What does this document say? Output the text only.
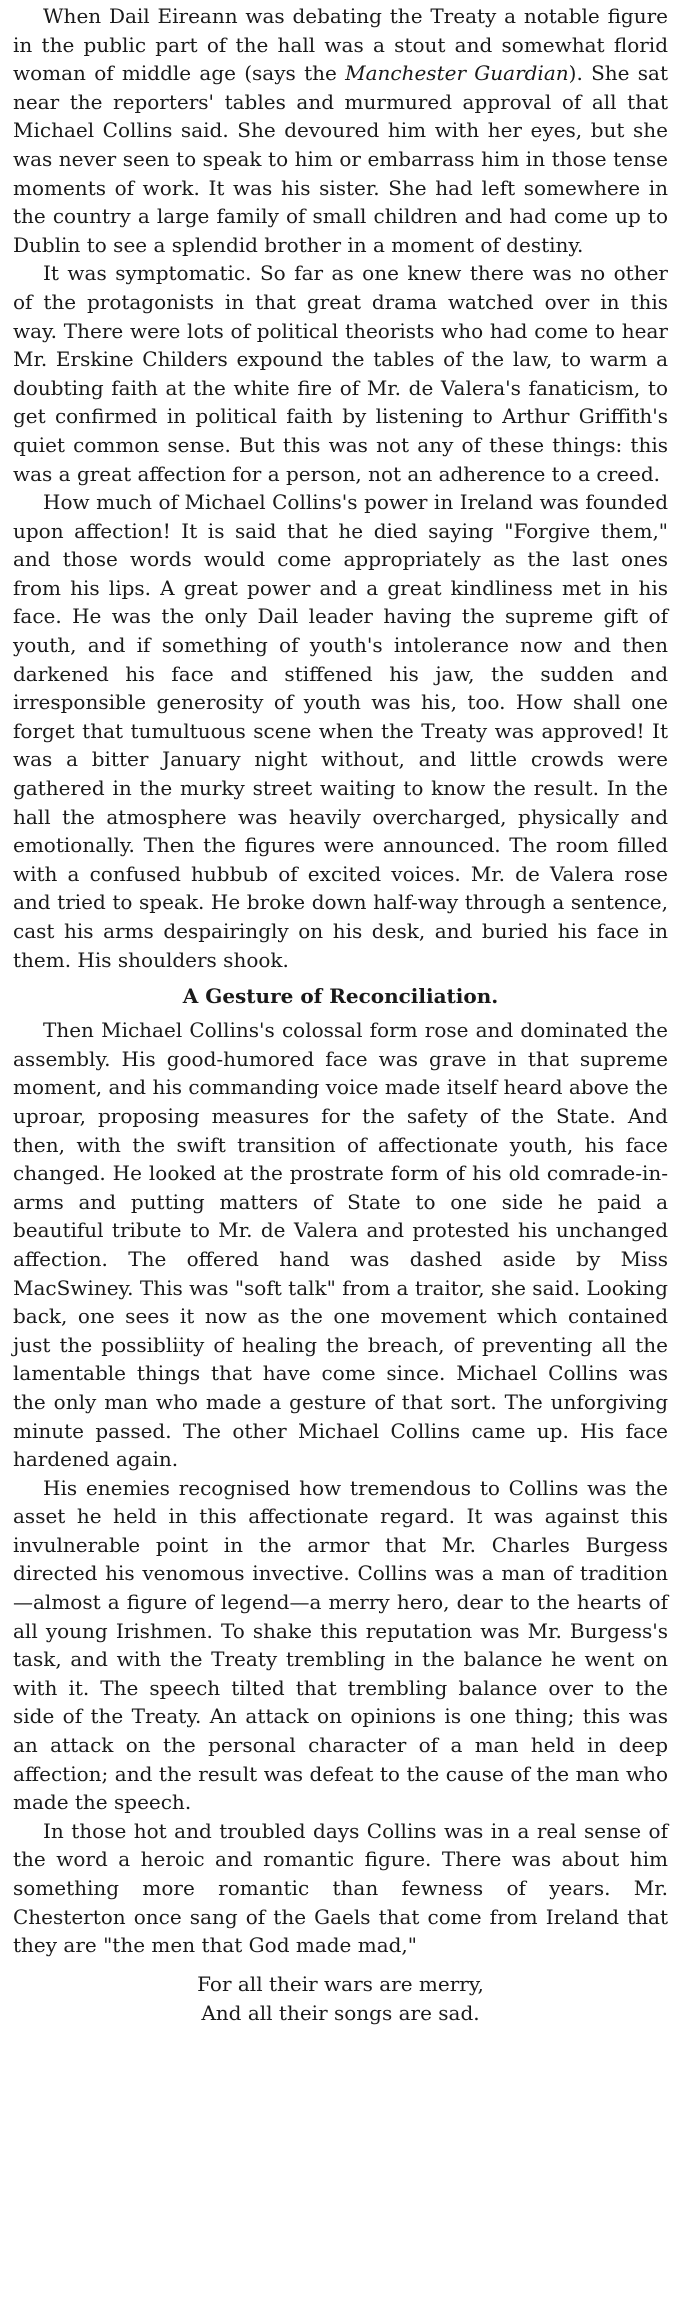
When Dail Eireann was debating the Treaty a notable figure in the public part of the hall was a stout and somewhat florid woman of middle age (says the Manchester Guardian). She sat near the reporters' tables and murmured approval of all that Michael Collins said. She devoured him with her eyes, but she was never seen to speak to him or embarrass him in those tense moments of work. It was his sister. She had left somewhere in the country a large family of small children and had come up to Dublin to see a splendid brother in a moment of destiny.

It was symptomatic. So far as one knew there was no other of the protagonists in that great drama watched over in this way. There were lots of political theorists who had come to hear Mr. Erskine Childers expound the tables of the law, to warm a doubting faith at the white fire of Mr. de Valera's fanaticism, to get confirmed in political faith by listening to Arthur Griffith's quiet common sense. But this was not any of these things: this was a great affection for a person, not an adherence to a creed.

How much of Michael Collins's power in Ireland was founded upon affection! It is said that he died saying "Forgive them," and those words would come appropriately as the last ones from his lips. A great power and a great kindliness met in his face. He was the only Dail leader having the supreme gift of youth, and if something of youth's intolerance now and then darkened his face and stiffened his jaw, the sudden and irresponsible generosity of youth was his, too. How shall one forget that tumultuous scene when the Treaty was approved! It was a bitter January night without, and little crowds were gathered in the murky street waiting to know the result. In the hall the atmosphere was heavily overcharged, physically and emotionally. Then the figures were announced. The room filled with a confused hubbub of excited voices. Mr. de Valera rose and tried to speak. He broke down half-way through a sentence, cast his arms despairingly on his desk, and buried his face in them. His shoulders shook.

A Gesture of Reconciliation.

Then Michael Collins's colossal form rose and dominated the assembly. His good-humored face was grave in that supreme moment, and his commanding voice made itself heard above the uproar, proposing measures for the safety of the State. And then, with the swift transition of affectionate youth, his face changed. He looked at the prostrate form of his old comrade-in-arms and putting matters of State to one side he paid a beautiful tribute to Mr. de Valera and protested his unchanged affection. The offered hand was dashed aside by Miss MacSwiney. This was "soft talk" from a traitor, she said. Looking back, one sees it now as the one movement which contained just the possibliity of healing the breach, of preventing all the lamentable things that have come since. Michael Collins was the only man who made a gesture of that sort. The unforgiving minute passed. The other Michael Collins came up. His face hardened again.

His enemies recognised how tremendous to Collins was the asset he held in this affectionate regard. It was against this invulnerable point in the armor that Mr. Charles Burgess directed his venomous invective. Collins was a man of tradition—almost a figure of legend—a merry hero, dear to the hearts of all young Irishmen. To shake this reputation was Mr. Burgess's task, and with the Treaty trembling in the balance he went on with it. The speech tilted that trembling balance over to the side of the Treaty. An attack on opinions is one thing; this was an attack on the personal character of a man held in deep affection; and the result was defeat to the cause of the man who made the speech.

In those hot and troubled days Collins was in a real sense of the word a heroic and romantic figure. There was about him something more romantic than fewness of years. Mr. Chesterton once sang of the Gaels that come from Ireland that they are "the men that God made mad,"

For all their wars are merry,
And all their songs are sad.
